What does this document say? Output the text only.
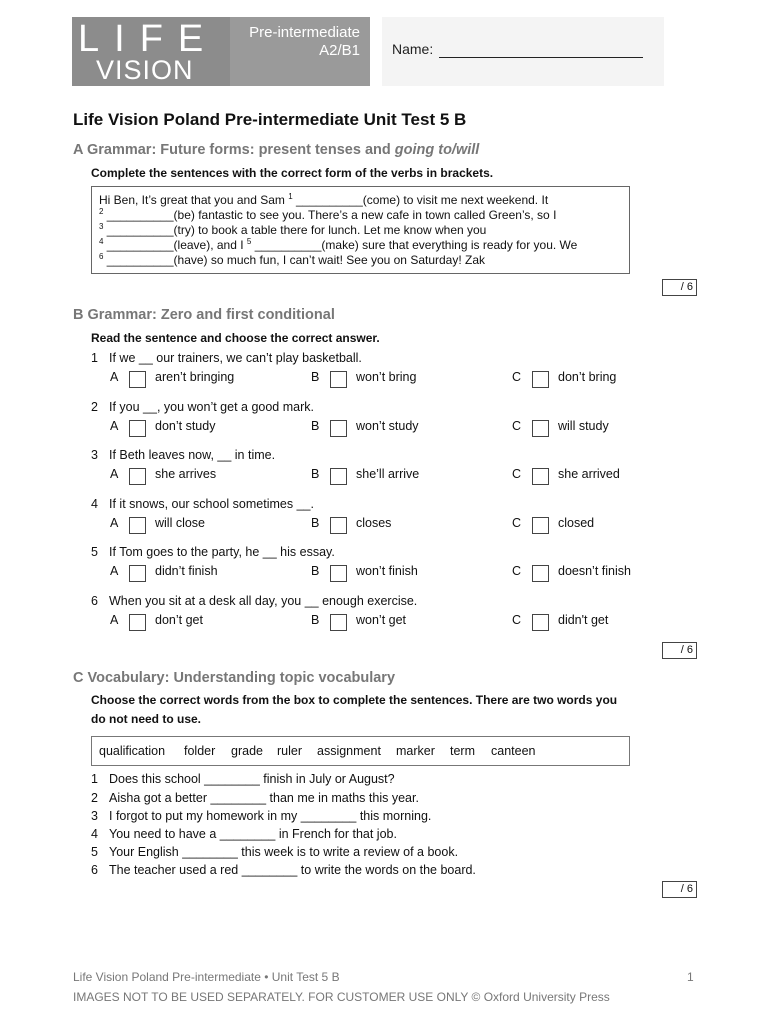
LIFE
VISION
Pre-intermediate
A2/B1 Name:
Life Vision Poland Pre-intermediate Unit Test 5 B
A Grammar: Future forms: present tenses and going to/will
Complete the sentences with the correct form of the verbs in brackets.
Hi Ben, It’s great that you and Sam $^1$ __________(come) to visit me next weekend. It
$^2$ __________(be) fantastic to see you. There’s a new cafe in town called Green’s, so I
$^3$ __________(try) to book a table there for lunch. Let me know when you
$^4$ __________(leave), and I $^5$ __________(make) sure that everything is ready for you. We
$^6$ __________(have) so much fun, I can’t wait! See you on Saturday! Zak
/ 6
B Grammar: Zero and first conditional
Read the sentence and choose the correct answer.
1 If we __ our trainers, we can’t play basketball.
A	aren’t bringing	B	won’t bring	C	don’t bring
2 If you __, you won’t get a good mark.
A	don’t study	B	won’t study	C	will study
3 If Beth leaves now, __ in time.
A	she arrives	B	she’ll arrive	C	she arrived
4 If it snows, our school sometimes __.
A	will close	B	closes	C	closed
5 If Tom goes to the party, he __ his essay.
A	didn’t finish	B	won’t finish	C	doesn’t finish
6 When you sit at a desk all day, you __ enough exercise.
A	don’t get	B	won’t get	C	didn't get
/ 6
C Vocabulary: Understanding topic vocabulary
Choose the correct words from the box to complete the sentences. There are two words you
do not need to use.
qualification folder grade ruler assignment marker term canteen
1 Does this school ________ finish in July or August?
2 Aisha got a better ________ than me in maths this year.
3 I forgot to put my homework in my ________ this morning.
4 You need to have a ________ in French for that job.
5 Your English ________ this week is to write a review of a book.
6 The teacher used a red ________ to write the words on the board.
/ 6
Life Vision Poland Pre-intermediate • Unit Test 5 B	1
IMAGES NOT TO BE USED SEPARATELY. FOR CUSTOMER USE ONLY © Oxford University Press
